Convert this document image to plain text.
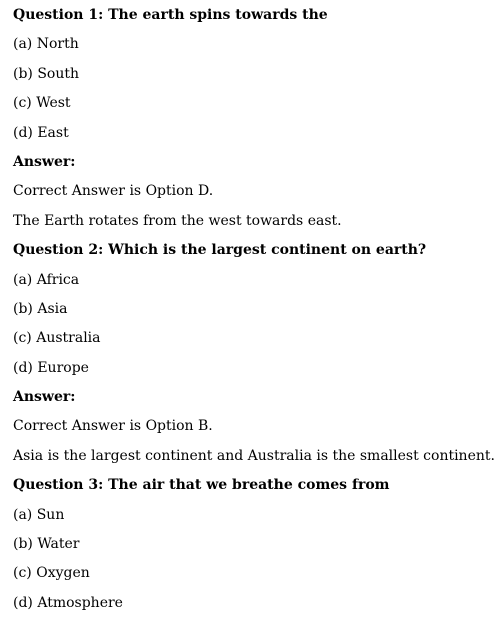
Question 1: The earth spins towards the
(a) North
(b) South
(c) West
(d) East
Answer:
Correct Answer is Option D.
The Earth rotates from the west towards east.
Question 2: Which is the largest continent on earth?
(a) Africa
(b) Asia
(c) Australia
(d) Europe
Answer:
Correct Answer is Option B.
Asia is the largest continent and Australia is the smallest continent.
Question 3: The air that we breathe comes from
(a) Sun
(b) Water
(c) Oxygen
(d) Atmosphere
